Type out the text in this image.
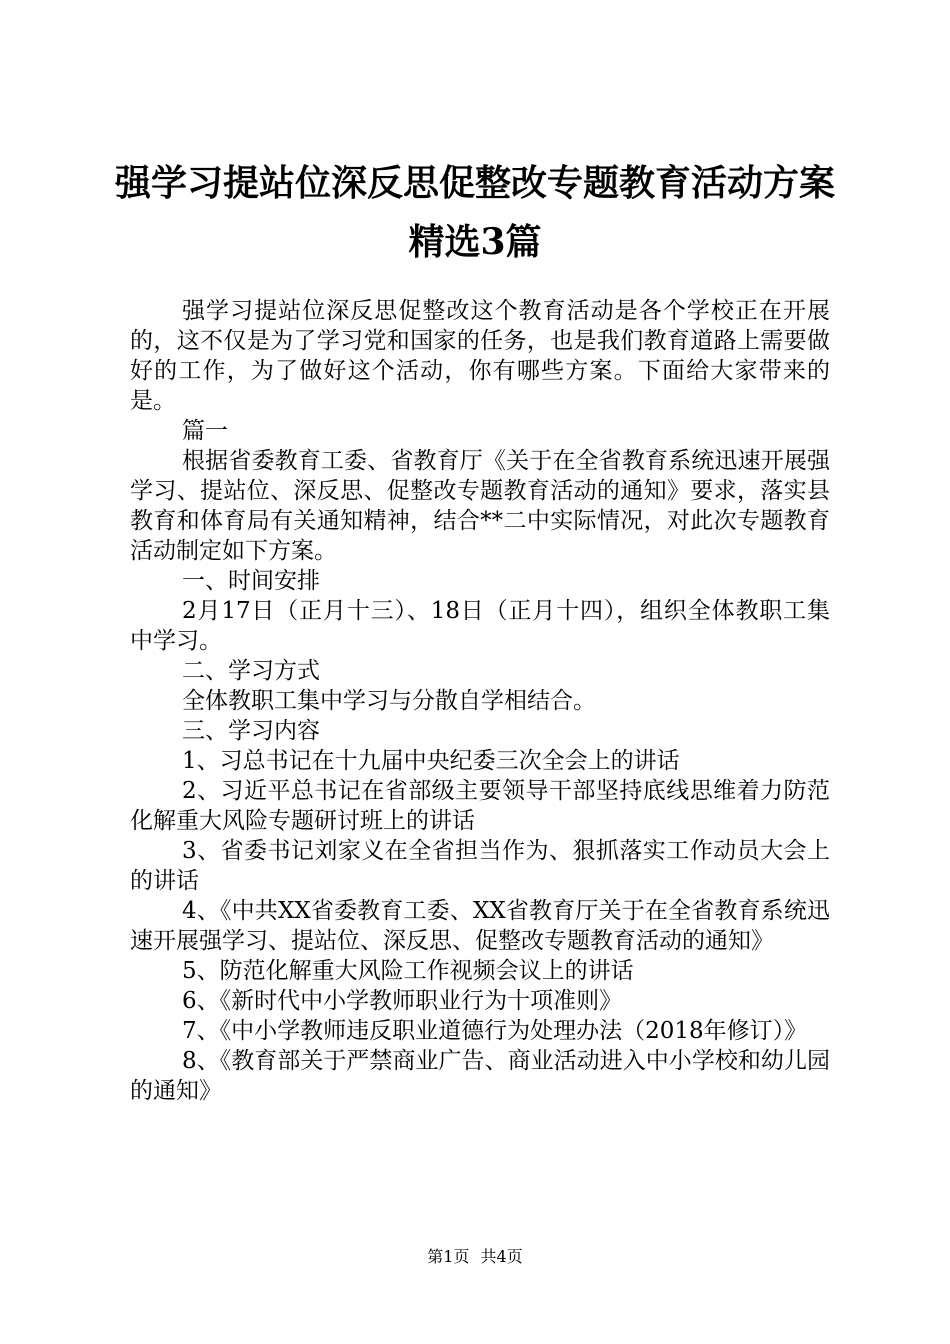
强学习提站位深反思促整改专题教育活动方案
精选3篇

强学习提站位深反思促整改这个教育活动是各个学校正在开展的，这不仅是为了学习党和国家的任务，也是我们教育道路上需要做好的工作，为了做好这个活动，你有哪些方案。下面给大家带来的是。

篇一

根据省委教育工委、省教育厅《关于在全省教育系统迅速开展强学习、提站位、深反思、促整改专题教育活动的通知》要求，落实县教育和体育局有关通知精神，结合**二中实际情况，对此次专题教育活动制定如下方案。

一、时间安排

2月17日（正月十三）、18日（正月十四），组织全体教职工集中学习。

二、学习方式

全体教职工集中学习与分散自学相结合。

三、学习内容

1、习总书记在十九届中央纪委三次全会上的讲话

2、习近平总书记在省部级主要领导干部坚持底线思维着力防范化解重大风险专题研讨班上的讲话

3、省委书记刘家义在全省担当作为、狠抓落实工作动员大会上的讲话

4、《中共XX省委教育工委、XX省教育厅关于在全省教育系统迅速开展强学习、提站位、深反思、促整改专题教育活动的通知》

5、防范化解重大风险工作视频会议上的讲话

6、《新时代中小学教师职业行为十项准则》

7、《中小学教师违反职业道德行为处理办法（2018年修订）》

8、《教育部关于严禁商业广告、商业活动进入中小学校和幼儿园的通知》

第1页 共4页
